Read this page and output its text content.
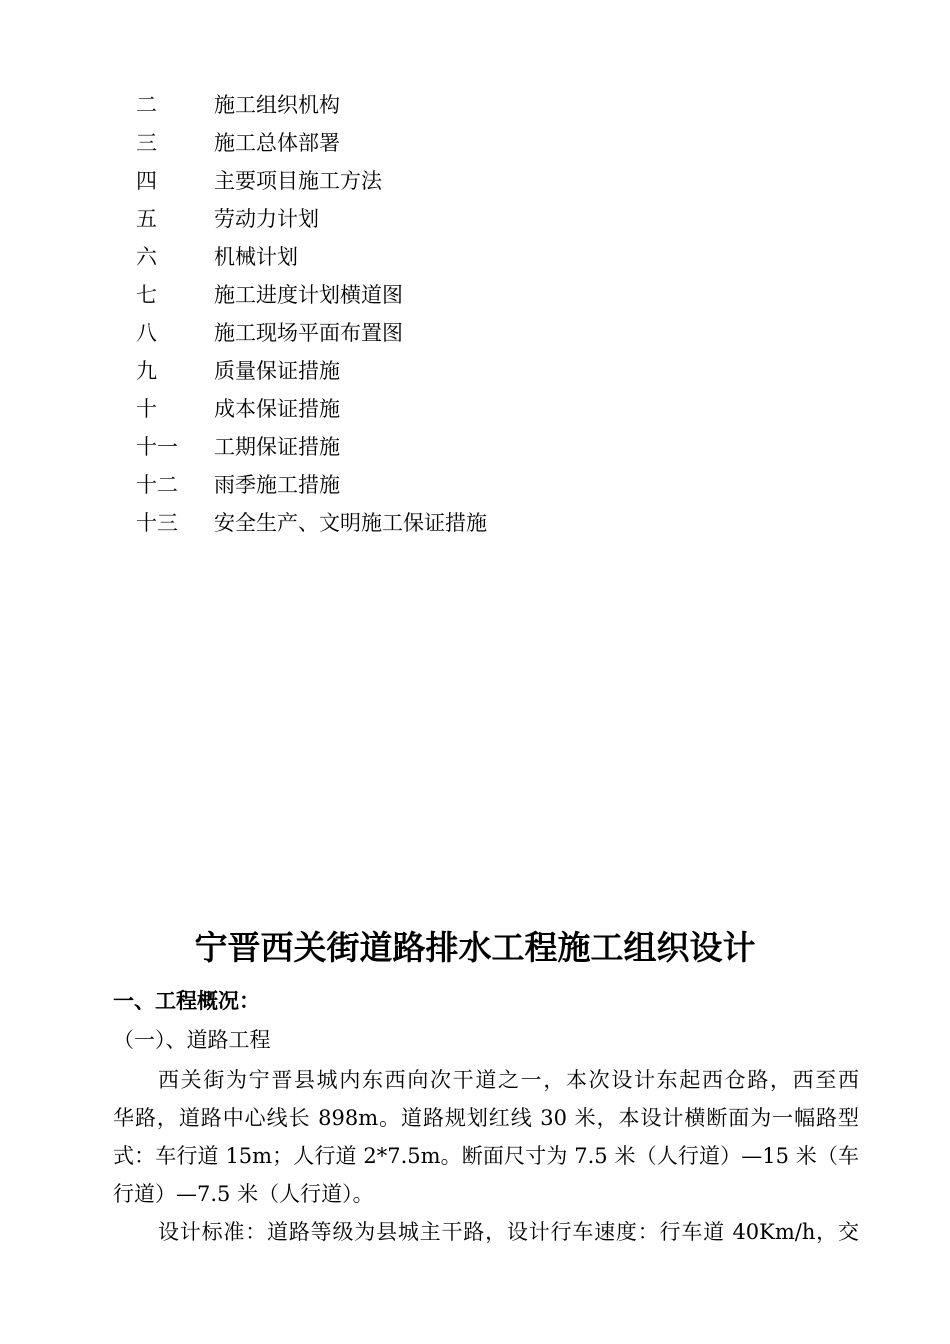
二	施工组织机构
三	施工总体部署
四	主要项目施工方法
五	劳动力计划
六	机械计划
七	施工进度计划横道图
八	施工现场平面布置图
九	质量保证措施
十	成本保证措施
十一 工期保证措施
十二 雨季施工措施
十三 安全生产、文明施工保证措施
宁晋西关街道路排水工程施工组织设计
一、工程概况：
（一）、道路工程
西关街为宁晋县城内东西向次干道之一，本次设计东起西仓路，西至西
华路，道路中心线长 898m。道路规划红线 30 米，本设计横断面为一幅路型
式：车行道 15m；人行道 2*7.5m。断面尺寸为 7.5 米（人行道）—15 米（车
行道）—7.5 米（人行道）。
设计标准：道路等级为县城主干路，设计行车速度：行车道 40Km/h，交
